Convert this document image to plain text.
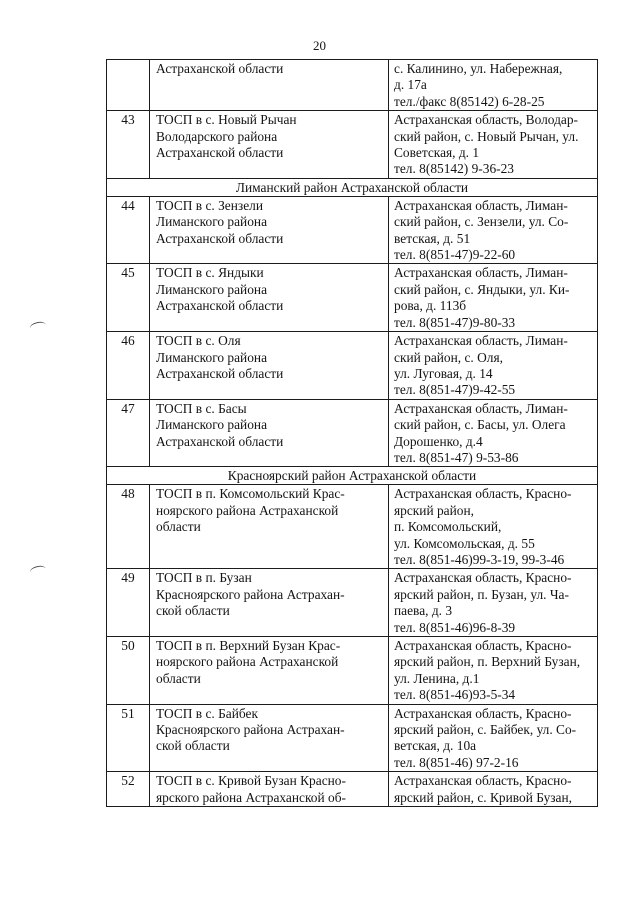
20

	Астраханской области	с. Калинино, ул. Набережная,
д. 17а
тел./факс 8(85142) 6-28-25

43	ТОСП в с. Новый Рычан
Володарского района
Астраханской области	Астраханская область, Володар-
ский район, с. Новый Рычан, ул.
Советская, д. 1
тел. 8(85142) 9-36-23

Лиманский район Астраханской области		
44	ТОСП в с. Зензели
Лиманского района
Астраханской области	Астраханская область, Лиман-
ский район, с. Зензели, ул. Со-
ветская, д. 51
тел. 8(851-47)9-22-60

45	ТОСП в с. Яндыки
Лиманского района
Астраханской области	Астраханская область, Лиман-
ский район, с. Яндыки, ул. Ки-
рова, д. 113б
тел. 8(851-47)9-80-33

46	ТОСП в с. Оля
Лиманского района
Астраханской области	Астраханская область, Лиман-
ский район, с. Оля,
ул. Луговая, д. 14
тел. 8(851-47)9-42-55

47	ТОСП в с. Басы
Лиманского района
Астраханской области	Астраханская область, Лиман-
ский район, с. Басы, ул. Олега
Дорошенко, д.4
тел. 8(851-47) 9-53-86

Красноярский район Астраханской области		
48	ТОСП в п. Комсомольский Крас-
ноярского района Астраханской
области	Астраханская область, Красно-
ярский район,
п. Комсомольский,
ул. Комсомольская, д. 55
тел. 8(851-46)99-3-19, 99-3-46

49	ТОСП в п. Бузан
Красноярского района Астрахан-
ской области	Астраханская область, Красно-
ярский район, п. Бузан, ул. Ча-
паева, д. 3
тел. 8(851-46)96-8-39

50	ТОСП в п. Верхний Бузан Крас-
ноярского района Астраханской
области	Астраханская область, Красно-
ярский район, п. Верхний Бузан,
ул. Ленина, д.1
тел. 8(851-46)93-5-34

51	ТОСП в с. Байбек
Красноярского района Астрахан-
ской области	Астраханская область, Красно-
ярский район, с. Байбек, ул. Со-
ветская, д. 10а
тел. 8(851-46) 97-2-16

52	ТОСП в с. Кривой Бузан Красно-
ярского района Астраханской об-	Астраханская область, Красно-
ярский район, с. Кривой Бузан,
